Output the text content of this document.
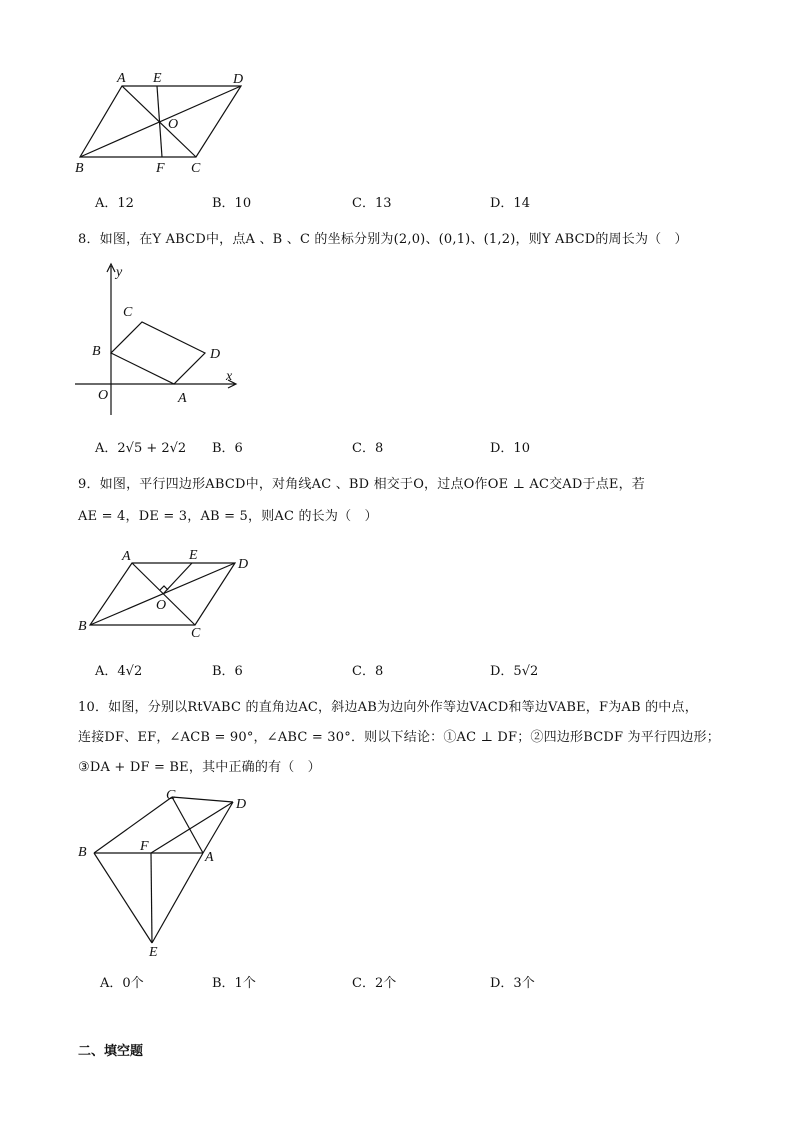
A E	D
O
B	F C
A．12	B．10	C．13	D．14
8．如图，在Y ABCD中，点A 、B 、C 的坐标分别为(2,0)、(0,1)、(1,2)，则Y ABCD的周长为（　）
y
x
C
B	D
O	A
A．2√5 + 2√2 B．6	C．8	D．10
9．如图，平行四边形ABCD中，对角线AC 、BD 相交于O，过点O作OE ⊥ AC交AD于点E，若
AE = 4，DE = 3，AB = 5，则AC 的长为（　）
A	E
D
O
B	C
A．4√2	B．6	C．8	D．5√2
10．如图，分别以RtVABC 的直角边AC，斜边AB为边向外作等边VACD和等边VABE，F为AB 的中点，
连接DF、EF，∠ACB = 90°，∠ABC = 30°．则以下结论：①AC ⊥ DF；②四边形BCDF 为平行四边形；
③DA + DF = BE，其中正确的有（　）
C
D
B	F
A
E
A．0个	B．1个	C．2个	D．3个
二、填空题
